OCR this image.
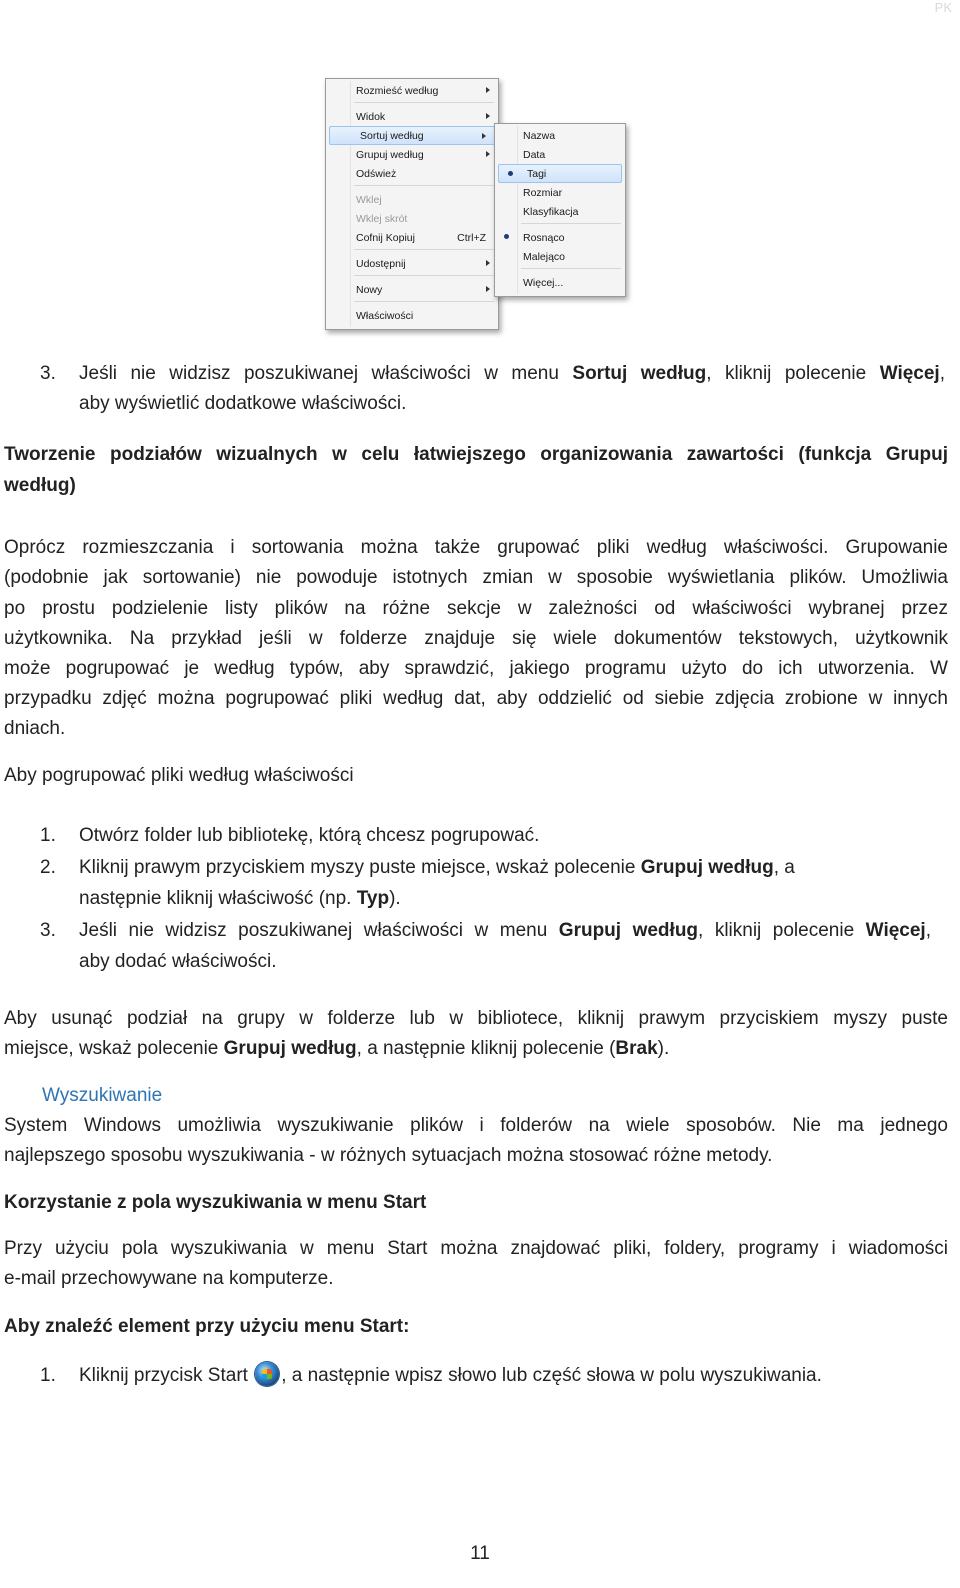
PK
Rozmieść według
Widok
Sortuj według
Grupuj według
Odśwież
Wklej
Wklej skrót
Cofnij Kopiuj	Ctrl+Z
Udostępnij
Nowy
Właściwości
Nazwa
Data
Tagi
Rozmiar
Klasyfikacja
Rosnąco
Malejąco
Więcej...
3. Jeśli nie widzisz poszukiwanej właściwości w menu Sortuj według, kliknij polecenie Więcej,
aby wyświetlić dodatkowe właściwości.
Tworzenie podziałów wizualnych w celu łatwiejszego organizowania zawartości (funkcja Grupuj
według)
Oprócz rozmieszczania i sortowania można także grupować pliki według właściwości. Grupowanie
(podobnie jak sortowanie) nie powoduje istotnych zmian w sposobie wyświetlania plików. Umożliwia
po prostu podzielenie listy plików na różne sekcje w zależności od właściwości wybranej przez
użytkownika. Na przykład jeśli w folderze znajduje się wiele dokumentów tekstowych, użytkownik
może pogrupować je według typów, aby sprawdzić, jakiego programu użyto do ich utworzenia. W
przypadku zdjęć można pogrupować pliki według dat, aby oddzielić od siebie zdjęcia zrobione w innych
dniach.
Aby pogrupować pliki według właściwości
1. Otwórz folder lub bibliotekę, którą chcesz pogrupować.
2. Kliknij prawym przyciskiem myszy puste miejsce, wskaż polecenie Grupuj według, a
następnie kliknij właściwość (np. Typ).
3. Jeśli nie widzisz poszukiwanej właściwości w menu Grupuj według, kliknij polecenie Więcej,
aby dodać właściwości.
Aby usunąć podział na grupy w folderze lub w bibliotece, kliknij prawym przyciskiem myszy puste
miejsce, wskaż polecenie Grupuj według, a następnie kliknij polecenie (Brak).
Wyszukiwanie
System Windows umożliwia wyszukiwanie plików i folderów na wiele sposobów. Nie ma jednego
najlepszego sposobu wyszukiwania - w różnych sytuacjach można stosować różne metody.
Korzystanie z pola wyszukiwania w menu Start
Przy użyciu pola wyszukiwania w menu Start można znajdować pliki, foldery, programy i wiadomości
e-mail przechowywane na komputerze.
Aby znaleźć element przy użyciu menu Start:
1. Kliknij przycisk Start , a następnie wpisz słowo lub część słowa w polu wyszukiwania.
11
